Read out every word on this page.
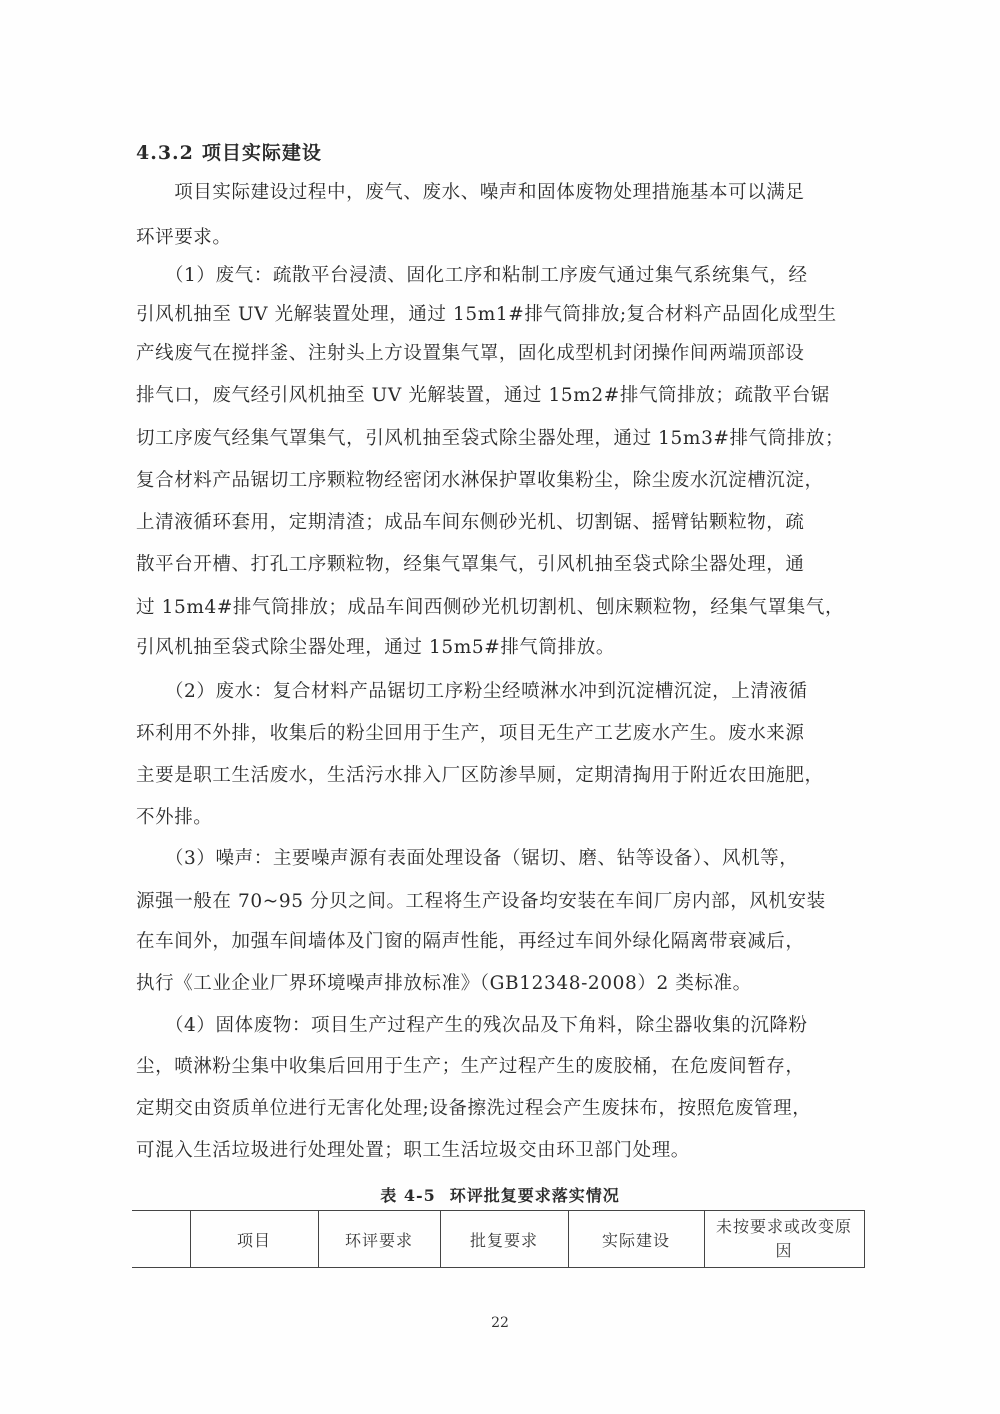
4.3.2 项目实际建设
　　项目实际建设过程中，废气、废水、噪声和固体废物处理措施基本可以满足
环评要求。
　　（1）废气：疏散平台浸渍、固化工序和粘制工序废气通过集气系统集气，经
引风机抽至 UV 光解装置处理，通过 15m1#排气筒排放;复合材料产品固化成型生
产线废气在搅拌釜、注射头上方设置集气罩，固化成型机封闭操作间两端顶部设
排气口，废气经引风机抽至 UV 光解装置，通过 15m2#排气筒排放；疏散平台锯
切工序废气经集气罩集气，引风机抽至袋式除尘器处理，通过 15m3#排气筒排放；
复合材料产品锯切工序颗粒物经密闭水淋保护罩收集粉尘，除尘废水沉淀槽沉淀，
上清液循环套用，定期清渣；成品车间东侧砂光机、切割锯、摇臂钻颗粒物，疏
散平台开槽、打孔工序颗粒物，经集气罩集气，引风机抽至袋式除尘器处理，通
过 15m4#排气筒排放；成品车间西侧砂光机切割机、刨床颗粒物，经集气罩集气，
引风机抽至袋式除尘器处理，通过 15m5#排气筒排放。
　　（2）废水：复合材料产品锯切工序粉尘经喷淋水冲到沉淀槽沉淀，上清液循
环利用不外排，收集后的粉尘回用于生产，项目无生产工艺废水产生。废水来源
主要是职工生活废水，生活污水排入厂区防渗旱厕，定期清掏用于附近农田施肥，
不外排。
　　（3）噪声：主要噪声源有表面处理设备（锯切、磨、钻等设备）、风机等，
源强一般在 70~95 分贝之间。工程将生产设备均安装在车间厂房内部，风机安装
在车间外，加强车间墙体及门窗的隔声性能，再经过车间外绿化隔离带衰减后，
执行《工业企业厂界环境噪声排放标准》（GB12348-2008）2 类标准。
　　（4）固体废物：项目生产过程产生的残次品及下角料，除尘器收集的沉降粉
尘，喷淋粉尘集中收集后回用于生产；生产过程产生的废胶桶，在危废间暂存，
定期交由资质单位进行无害化处理;设备擦洗过程会产生废抹布，按照危废管理，
可混入生活垃圾进行处理处置；职工生活垃圾交由环卫部门处理。
表 4-5 环评批复要求落实情况
	项目	环评要求	批复要求	实际建设	未按要求或改变原因
22
